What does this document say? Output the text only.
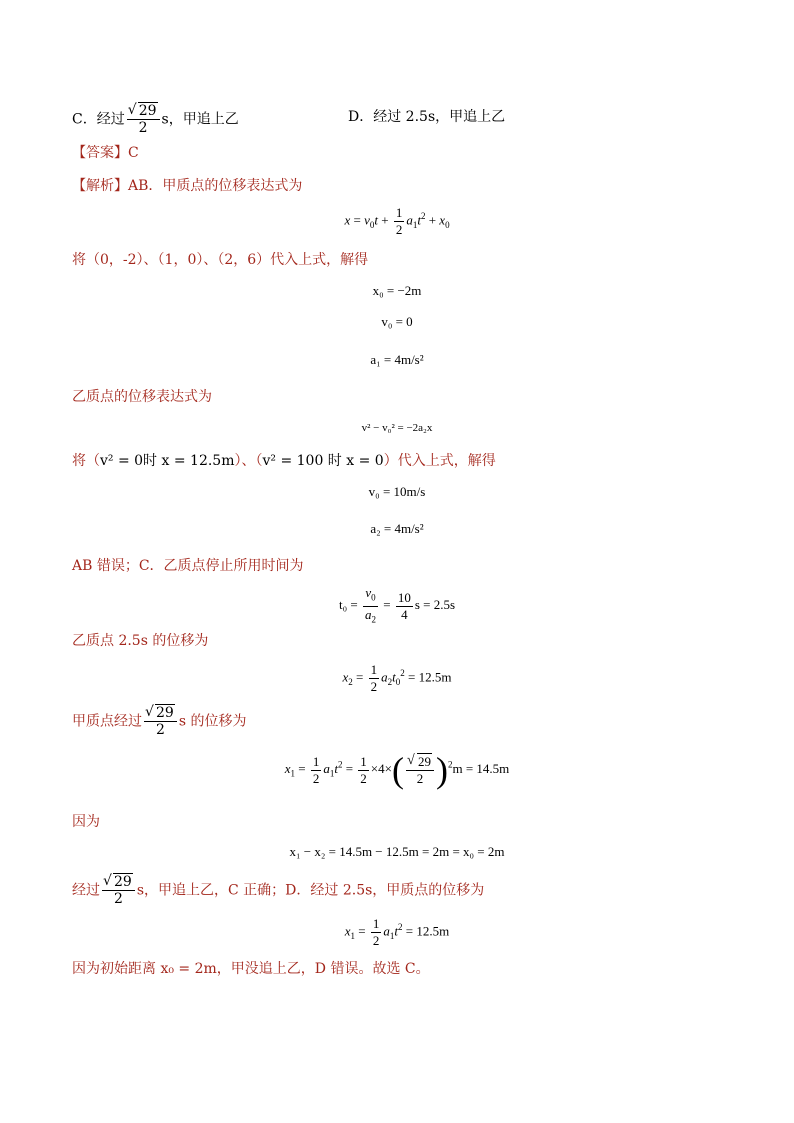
C．经过 √ $\frac{29}{2}$ s，甲追上乙	D．经过 2.5s，甲追上乙
【答案】C
【解析】AB．甲质点的位移表达式为
$x = v_0t + \frac{1}{2} a_1t^2 + x_0$
将（0，-2）、（1，0）、（2，6）代入上式，解得
x₀ = −2m
v₀ = 0
a₁ = 4m/s²
乙质点的位移表达式为
v² − v₀² = −2a₂x
将（v² = 0时 x = 12.5m）、（v² = 100 时 x = 0）代入上式，解得
v₀ = 10m/s
a₂ = 4m/s²
AB 错误；C．乙质点停止所用时间为
$t_0 = \frac{v_0}{a_2} = \frac{10}{4}$ s = 2.5s
乙质点 2.5s 的位移为
$x_2 = \frac{1}{2} a_2t_0^2 = 12.5m$
甲质点经过 √ $\frac{29}{2}$ s 的位移为
$x_1 = \frac{1}{2} a_1t^2 = \frac{1}{2} \times 4\times$( √ $\frac{29}{2} )^2m = 14.5m$
因为
x₁ − x₂ = 14.5m − 12.5m = 2m = x₀ = 2m
经过 √ $\frac{29}{2}$ s，甲追上乙，C 正确；D．经过 2.5s，甲质点的位移为
$x_1 = \frac{1}{2} a_1t^2 = 12.5m$
因为初始距离 x₀ = 2m，甲没追上乙，D 错误。故选 C。
